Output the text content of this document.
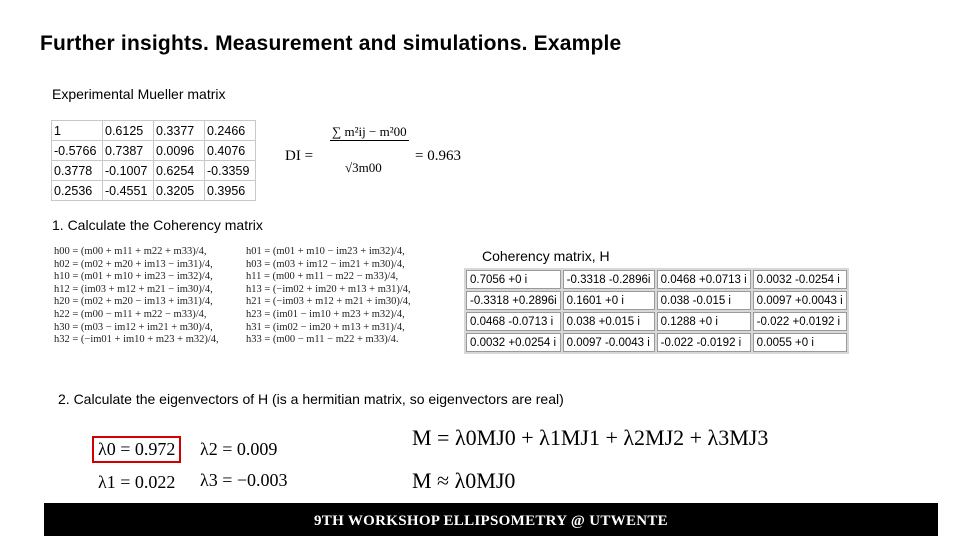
Further insights. Measurement and simulations. Example
Experimental Mueller matrix
1	0.6125	0.3377	0.2466
-0.5766	0.7387	0.0096	0.4076
0.3778	-0.1007	0.6254	-0.3359
0.2536	-0.4551	0.3205	0.3956
DI =
∑ m²ij − m²00
√3m00
= 0.963
1. Calculate the Coherency matrix
h00 = (m00 + m11 + m22 + m33)/4,
h02 = (m02 + m20 + im13 − im31)/4,
h10 = (m01 + m10 + im23 − im32)/4,
h12 = (im03 + m12 + m21 − im30)/4,
h20 = (m02 + m20 − im13 + im31)/4,
h22 = (m00 − m11 + m22 − m33)/4,
h30 = (m03 − im12 + im21 + m30)/4,
h32 = (−im01 + im10 + m23 + m32)/4,
h01 = (m01 + m10 − im23 + im32)/4,
h03 = (m03 + im12 − im21 + m30)/4,
h11 = (m00 + m11 − m22 − m33)/4,
h13 = (−im02 + im20 + m13 + m31)/4,
h21 = (−im03 + m12 + m21 + im30)/4,
h23 = (im01 − im10 + m23 + m32)/4,
h31 = (im02 − im20 + m13 + m31)/4,
h33 = (m00 − m11 − m22 + m33)/4.
Coherency matrix, H
0.7056 +0 i	-0.3318 -0.2896i	0.0468 +0.0713 i	0.0032 -0.0254 i
-0.3318 +0.2896i	0.1601 +0 i	0.038 -0.015 i	0.0097 +0.0043 i
0.0468 -0.0713 i	0.038 +0.015 i	0.1288 +0 i	-0.022 +0.0192 i
0.0032 +0.0254 i	0.0097 -0.0043 i	-0.022 -0.0192 i	0.0055 +0 i
2. Calculate the eigenvectors of H (is a hermitian matrix, so eigenvectors are real)
λ0 = 0.972
λ1 = 0.022
λ2 = 0.009
λ3 = −0.003
M = λ0MJ0 + λ1MJ1 + λ2MJ2 + λ3MJ3
M ≈ λ0MJ0
9TH WORKSHOP ELLIPSOMETRY @ UTWENTE
